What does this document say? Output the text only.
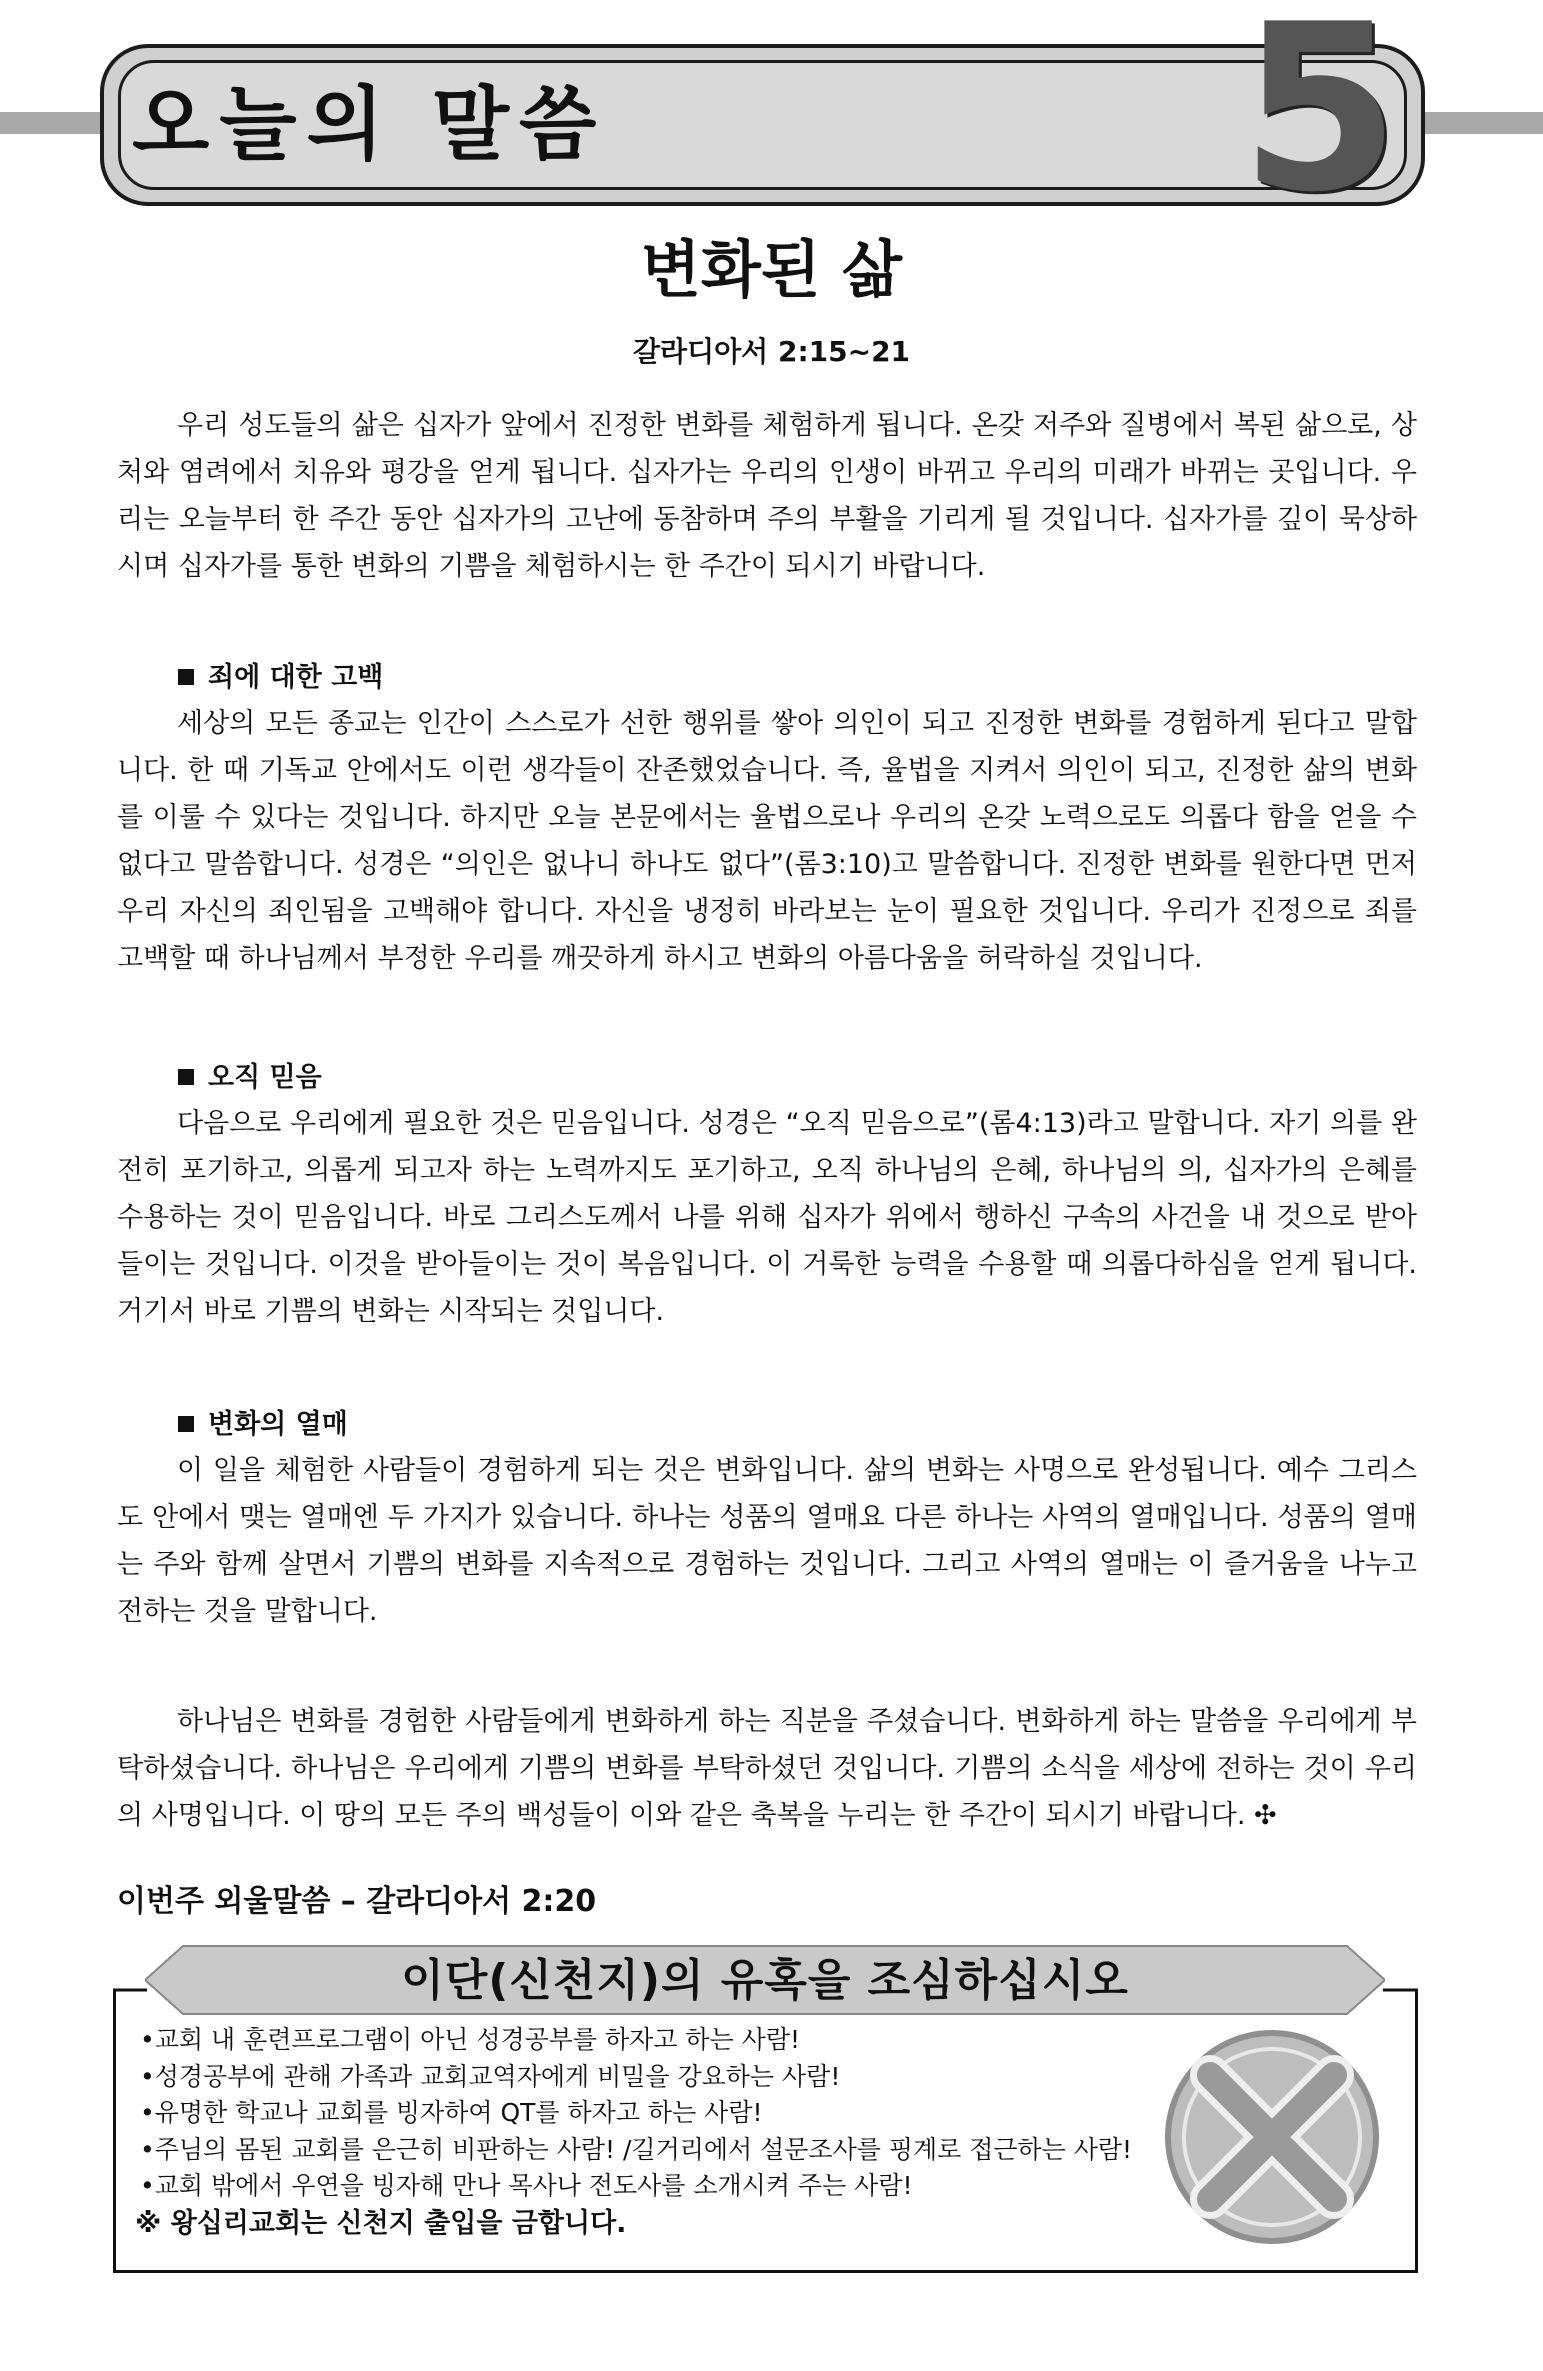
오늘의 말씀	5
변화된 삶
갈라디아서 2:15~21

우리 성도들의 삶은 십자가 앞에서 진정한 변화를 체험하게 됩니다. 온갖 저주와 질병에서 복된 삶으로, 상처와 염려에서 치유와 평강을 얻게 됩니다. 십자가는 우리의 인생이 바뀌고 우리의 미래가 바뀌는 곳입니다. 우리는 오늘부터 한 주간 동안 십자가의 고난에 동참하며 주의 부활을 기리게 될 것입니다. 십자가를 깊이 묵상하시며 십자가를 통한 변화의 기쁨을 체험하시는 한 주간이 되시기 바랍니다.

죄에 대한 고백

세상의 모든 종교는 인간이 스스로가 선한 행위를 쌓아 의인이 되고 진정한 변화를 경험하게 된다고 말합니다. 한 때 기독교 안에서도 이런 생각들이 잔존했었습니다. 즉, 율법을 지켜서 의인이 되고, 진정한 삶의 변화를 이룰 수 있다는 것입니다. 하지만 오늘 본문에서는 율법으로나 우리의 온갖 노력으로도 의롭다 함을 얻을 수 없다고 말씀합니다. 성경은 “의인은 없나니 하나도 없다”(롬3:10)고 말씀합니다. 진정한 변화를 원한다면 먼저 우리 자신의 죄인됨을 고백해야 합니다. 자신을 냉정히 바라보는 눈이 필요한 것입니다. 우리가 진정으로 죄를 고백할 때 하나님께서 부정한 우리를 깨끗하게 하시고 변화의 아름다움을 허락하실 것입니다.

오직 믿음

다음으로 우리에게 필요한 것은 믿음입니다. 성경은 “오직 믿음으로”(롬4:13)라고 말합니다. 자기 의를 완전히 포기하고, 의롭게 되고자 하는 노력까지도 포기하고, 오직 하나님의 은혜, 하나님의 의, 십자가의 은혜를 수용하는 것이 믿음입니다. 바로 그리스도께서 나를 위해 십자가 위에서 행하신 구속의 사건을 내 것으로 받아들이는 것입니다. 이것을 받아들이는 것이 복음입니다. 이 거룩한 능력을 수용할 때 의롭다하심을 얻게 됩니다. 거기서 바로 기쁨의 변화는 시작되는 것입니다.

변화의 열매

이 일을 체험한 사람들이 경험하게 되는 것은 변화입니다. 삶의 변화는 사명으로 완성됩니다. 예수 그리스도 안에서 맺는 열매엔 두 가지가 있습니다. 하나는 성품의 열매요 다른 하나는 사역의 열매입니다. 성품의 열매는 주와 함께 살면서 기쁨의 변화를 지속적으로 경험하는 것입니다. 그리고 사역의 열매는 이 즐거움을 나누고 전하는 것을 말합니다.

하나님은 변화를 경험한 사람들에게 변화하게 하는 직분을 주셨습니다. 변화하게 하는 말씀을 우리에게 부탁하셨습니다. 하나님은 우리에게 기쁨의 변화를 부탁하셨던 것입니다. 기쁨의 소식을 세상에 전하는 것이 우리의 사명입니다. 이 땅의 모든 주의 백성들이 이와 같은 축복을 누리는 한 주간이 되시기 바랍니다. ✣

이번주 외울말씀 – 갈라디아서 2:20
이단(신천지)의 유혹을 조심하십시오
•교회 내 훈련프로그램이 아닌 성경공부를 하자고 하는 사람!
•성경공부에 관해 가족과 교회교역자에게 비밀을 강요하는 사람!
•유명한 학교나 교회를 빙자하여 QT를 하자고 하는 사람!
•주님의 몸된 교회를 은근히 비판하는 사람! /길거리에서 설문조사를 핑계로 접근하는 사람!
•교회 밖에서 우연을 빙자해 만나 목사나 전도사를 소개시켜 주는 사람!
※ 왕십리교회는 신천지 출입을 금합니다.
